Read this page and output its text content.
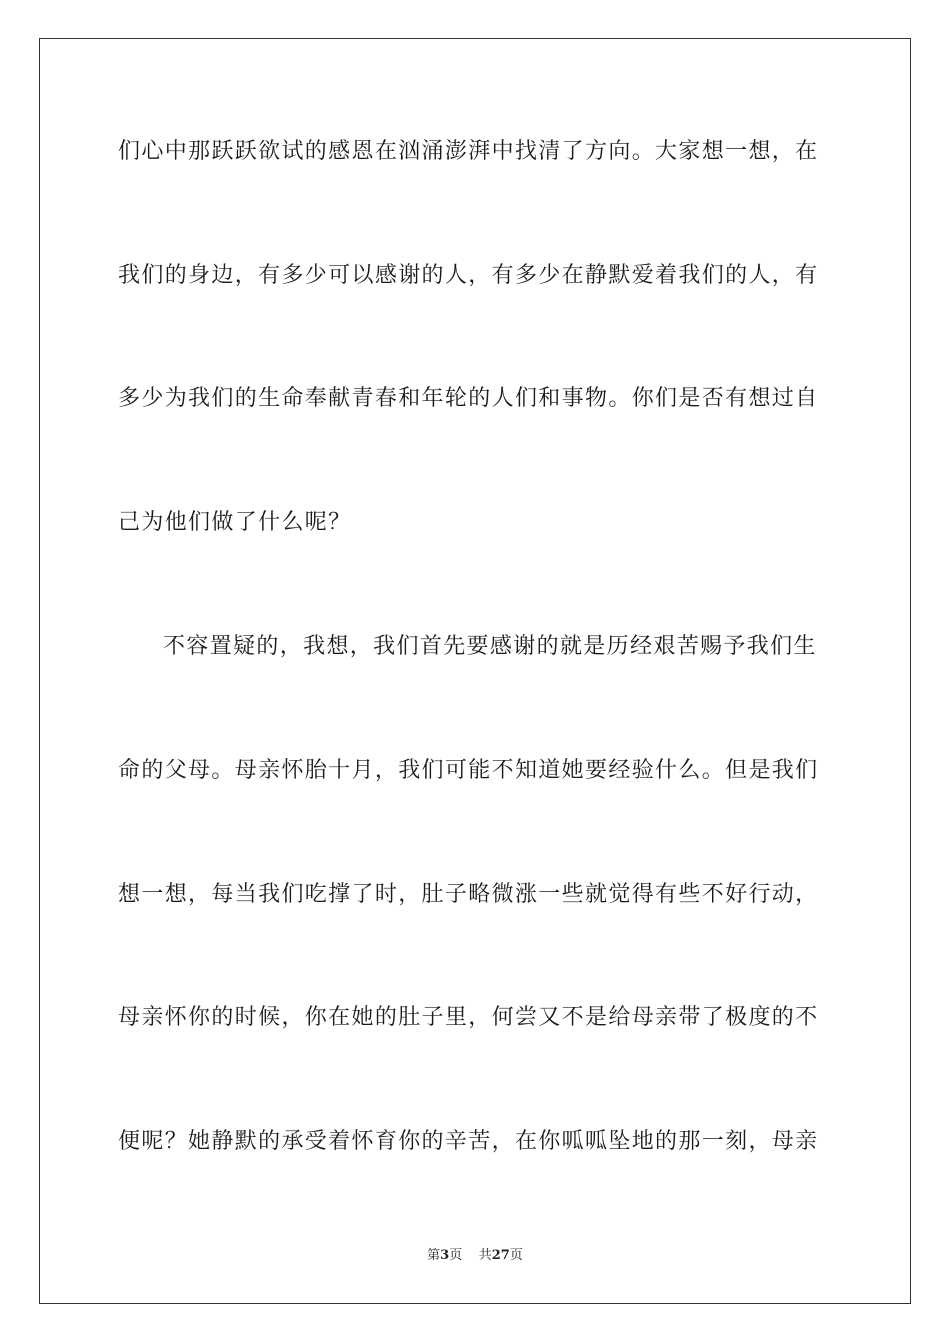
们心中那跃跃欲试的感恩在汹涌澎湃中找清了方向。大家想一想，在
我们的身边，有多少可以感谢的人，有多少在静默爱着我们的人，有
多少为我们的生命奉献青春和年轮的人们和事物。你们是否有想过自
己为他们做了什么呢？
不容置疑的，我想，我们首先要感谢的就是历经艰苦赐予我们生
命的父母。母亲怀胎十月，我们可能不知道她要经验什么。但是我们
想一想，每当我们吃撑了时，肚子略微涨一些就觉得有些不好行动，
母亲怀你的时候，你在她的肚子里，何尝又不是给母亲带了极度的不
便呢？她静默的承受着怀育你的辛苦，在你呱呱坠地的那一刻，母亲
第3页 共27页
